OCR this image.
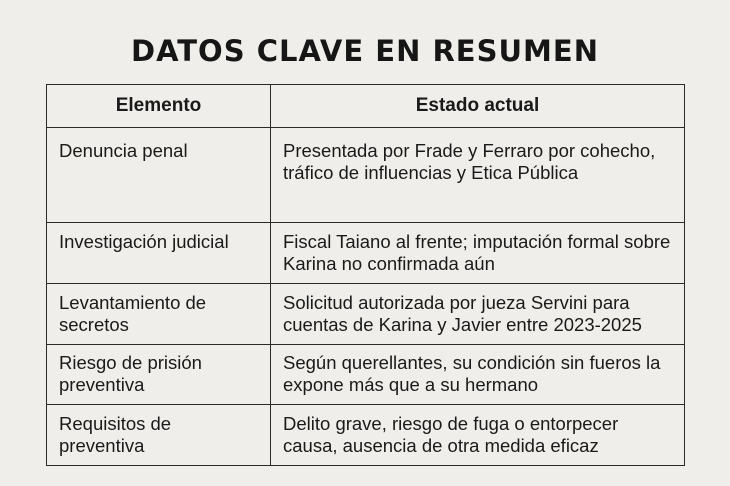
DATOS CLAVE EN RESUMEN
Elemento	Estado actual
Denuncia penal	Presentada por Frade y Ferraro por cohecho, tráfico de influencias y Etica Pública
Investigación judicial	Fiscal Taiano al frente; imputación formal sobre Karina no confirmada aún
Levantamiento de secretos	Solicitud autorizada por jueza Servini para cuentas de Karina y Javier entre 2023-2025
Riesgo de prisión preventiva	Según querellantes, su condición sin fueros la expone más que a su hermano
Requisitos de preventiva	Delito grave, riesgo de fuga o entorpecer causa, ausencia de otra medida eficaz
